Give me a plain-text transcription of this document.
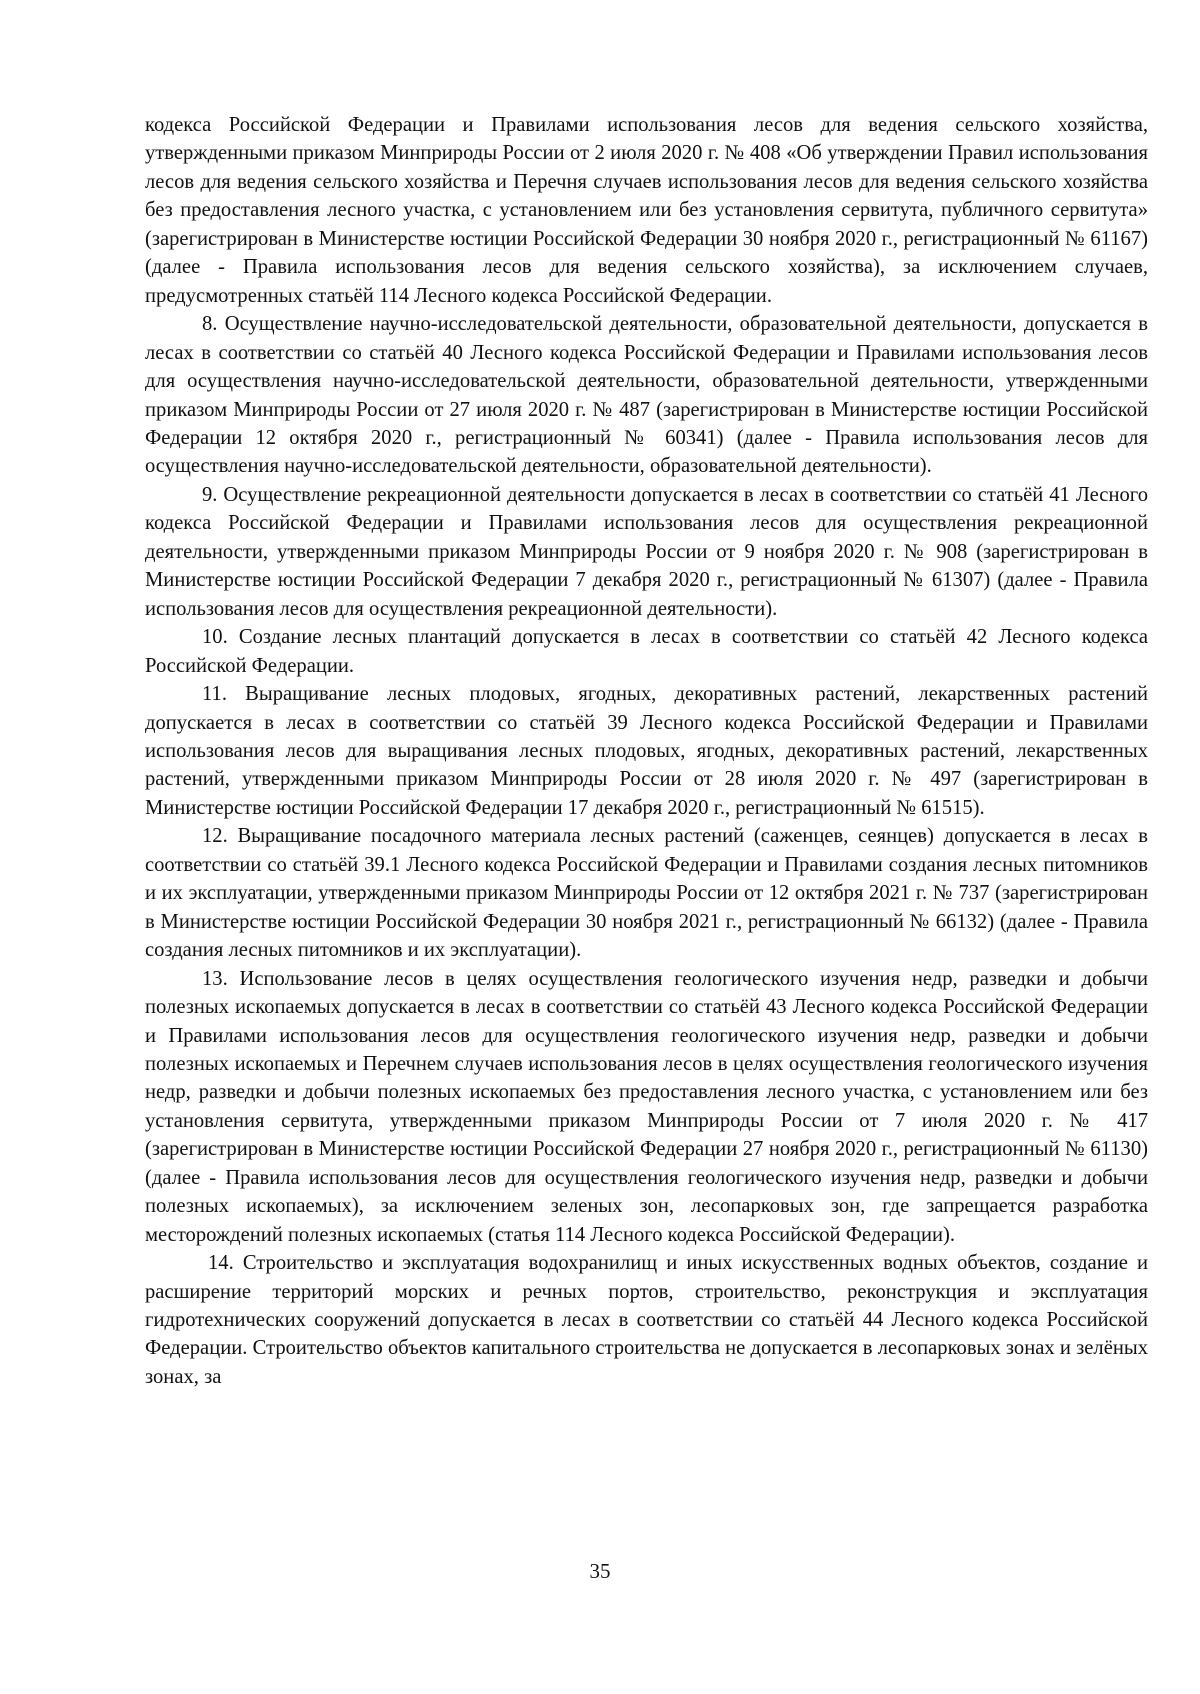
кодекса Российской Федерации и Правилами использования лесов для ведения сельского хозяйства, утвержденными приказом Минприроды России от 2 июля 2020 г. № 408 «Об утверждении Правил использования лесов для ведения сельского хозяйства и Перечня случаев использования лесов для ведения сельского хозяйства без предоставления лесного участка, с установлением или без установления сервитута, публичного сервитута» (зарегистрирован в Министерстве юстиции Российской Федерации 30 ноября 2020 г., регистрационный № 61167) (далее - Правила использования лесов для ведения сельского хозяйства), за исключением случаев, предусмотренных статьёй 114 Лесного кодекса Российской Федерации.

8. Осуществление научно-исследовательской деятельности, образовательной деятельности, допускается в лесах в соответствии со статьёй 40 Лесного кодекса Российской Федерации и Правилами использования лесов для осуществления научно-исследовательской деятельности, образовательной деятельности, утвержденными приказом Минприроды России от 27 июля 2020 г. № 487 (зарегистрирован в Министерстве юстиции Российской Федерации 12 октября 2020 г., регистрационный № 60341) (далее - Правила использования лесов для осуществления научно-исследовательской деятельности, образовательной деятельности).

9. Осуществление рекреационной деятельности допускается в лесах в соответствии со статьёй 41 Лесного кодекса Российской Федерации и Правилами использования лесов для осуществления рекреационной деятельности, утвержденными приказом Минприроды России от 9 ноября 2020 г. № 908 (зарегистрирован в Министерстве юстиции Российской Федерации 7 декабря 2020 г., регистрационный № 61307) (далее - Правила использования лесов для осуществления рекреационной деятельности).

10. Создание лесных плантаций допускается в лесах в соответствии со статьёй 42 Лесного кодекса Российской Федерации.

11. Выращивание лесных плодовых, ягодных, декоративных растений, лекарственных растений допускается в лесах в соответствии со статьёй 39 Лесного кодекса Российской Федерации и Правилами использования лесов для выращивания лесных плодовых, ягодных, декоративных растений, лекарственных растений, утвержденными приказом Минприроды России от 28 июля 2020 г. № 497 (зарегистрирован в Министерстве юстиции Российской Федерации 17 декабря 2020 г., регистрационный № 61515).

12. Выращивание посадочного материала лесных растений (саженцев, сеянцев) допускается в лесах в соответствии со статьёй 39.1 Лесного кодекса Российской Федерации и Правилами создания лесных питомников и их эксплуатации, утвержденными приказом Минприроды России от 12 октября 2021 г. № 737 (зарегистрирован в Министерстве юстиции Российской Федерации 30 ноября 2021 г., регистрационный № 66132) (далее - Правила создания лесных питомников и их эксплуатации).

13. Использование лесов в целях осуществления геологического изучения недр, разведки и добычи полезных ископаемых допускается в лесах в соответствии со статьёй 43 Лесного кодекса Российской Федерации и Правилами использования лесов для осуществления геологического изучения недр, разведки и добычи полезных ископаемых и Перечнем случаев использования лесов в целях осуществления геологического изучения недр, разведки и добычи полезных ископаемых без предоставления лесного участка, с установлением или без установления сервитута, утвержденными приказом Минприроды России от 7 июля 2020 г. № 417 (зарегистрирован в Министерстве юстиции Российской Федерации 27 ноября 2020 г., регистрационный № 61130) (далее - Правила использования лесов для осуществления геологического изучения недр, разведки и добычи полезных ископаемых), за исключением зеленых зон, лесопарковых зон, где запрещается разработка месторождений полезных ископаемых (статья 114 Лесного кодекса Российской Федерации).

14. Строительство и эксплуатация водохранилищ и иных искусственных водных объектов, создание и расширение территорий морских и речных портов, строительство, реконструкция и эксплуатация гидротехнических сооружений допускается в лесах в соответствии со статьёй 44 Лесного кодекса Российской Федерации. Строительство объектов капитального строительства не допускается в лесопарковых зонах и зелёных зонах, за

35
